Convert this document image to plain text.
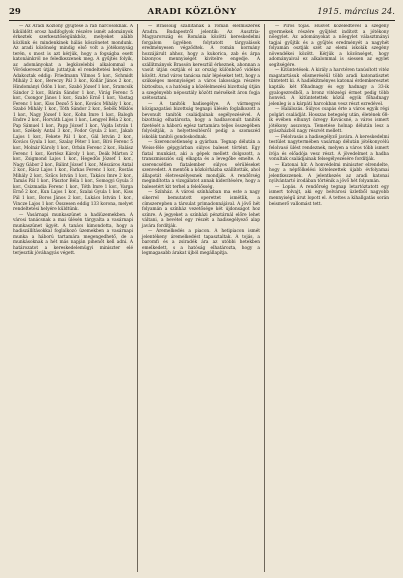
29	ARADI KÖZLÖNY	1915. március 24.

— Az Aradi Közlöny gyűjtése a rab harcosoknak. A kiküldött orosz hadifoglyok részére ismét adományok érkeztek szerkesztőségünkhöz, melyeket alább közlünk és mindenkinek hálás köszönetet mondunk. Az aradi közönség mindig első volt a jótékonyság terén, s most is azt kérjük, hogy a fogságba esett katonáinkról ne feledkezzenek meg. A gyűjtés folyik, az adományokat a legközelebbi alkalommal a Vöröskereszt útján juttatjuk el rendeltetési helyükre. Adakoztak eddig: Friedmann Vilmos 5 kor., Schmidt Mihály 2 kor., Bereczy Pál 3 kor., Kollár János 2 kor., Hindományi Ödön 1 kor., Szabó József 1 kor., Sramcsik Sándor 2 kor., Bárán Sándor 1 kor., Virág Ferenc 5 kor., Csongor János 1 kor., Szabó Ernő 1 kor., Vastag Ferenc 1 kor., Kiss Dezső 5 kor., Kovács Mihály 1 kor., Szabó Mihály 1 kor., Tóth Sándor 2 kor., Sebők Miklós 1 kor., Nagy József 1 kor., Kohn Imre 1 kor., Balogh Endre 2 kor., Horváth Lajos 1 kor., Lengyel Béla 2 kor., Pap Sámuel 1 kor., Papp József 1 kor., Vajda István 1 kor., Székely Antal 3 kor., Fodor Gyula 2 kor., Jakab Lajos 1 kor., Fekete Pál 1 kor., Gál István 2 kor., Kovács Gyula 1 kor., Szalay Péter 1 kor., Bíró Ferenc 5 kor., Molnár Károly 1 kor., Orbán Ferenc 2 kor., Halász Ferenc 1 kor., Kertész Károly 1 kor., Deák Márton 2 kor., Zsigmond Lajos 1 kor., Hegedűs József 1 kor., Nagy Gábor 2 kor., Bálint József 1 kor., Mészáros Antal 2 kor., Rácz Lajos 1 kor., Farkas Ferenc 1 kor., Rostás Mihály 2 kor., Szűcs István 1 kor., Takács Imre 2 kor., Tamás Pál 1 kor., Pásztor Béla 1 kor., Somogyi Gyula 3 kor., Csizmadia Ferenc 1 kor., Tóth Imre 1 kor., Varga Ernő 2 kor., Kun Lajos 1 kor., Szalai Gyula 1 kor., Kiss Pál 1 kor., Boros János 2 kor., Lukács István 1 kor., Vincze Lajos 1 kor. Összesen eddig 133 korona, melyet rendeltetési helyére küldtünk.

— Vasárnapi munkaszünet a hadiüzemekben. A városi tanácsnak a mai ülésén tárgyalta a vasárnapi munkaszünet ügyét. A tanács kimondotta, hogy a hadiszállításokkal foglalkozó üzemekben a vasárnapi munka a háború tartamára megengedhető, de a munkásoknak a hét más napján pihenőt kell adni. A határozatot a kereskedelemügyi miniszter elé terjesztik jóváhagyás végett.

— Brassóiig szállítanak a román élelmiszerek Aradra. Budapestről jelentik: Az Ausztria-Magyarország és Románia közötti kereskedelmi forgalom ügyében folytatott tárgyalások eredményesen végződtek. A román kormány hozzájárult ahhoz, hogy a kukorica, zab és árpa bizonyos mennyiségét kivitelre engedje. A szállítmányok Brassón keresztül érkeznek, ahonnan a vasút útján osztják el az ország különböző vidékei között. Arad város tanácsa már lépéseket tett, hogy a szükséges mennyiséget a város lakossága részére biztosítsa, s a hatóság a közélelmezési bizottság útján a szegényebb néposztály között mérsékelt áron fogja szétosztani.

— A tanítók hadisegélye. A vármegyei közigazgatási bizottság tegnapi ülésén foglalkozott a bevonult tanítók családjainak segélyezésével. A bizottság elhatározta, hogy a hadbavonult tanítók fizetését a háború egész tartamára teljes összegében folyósítják, a helyettesítésről pedig a szomszéd iskolák tanítói gondoskodnak.

— Szerencsétlenség a gyárban. Tegnap délután a Weiss-féle gépgyárban súlyos baleset történt. Egy fiatal munkást, aki a gépek mellett dolgozott, a transzmissziós szíj elkapta és a levegőbe emelte. A szerencsétlen fiatalember súlyos sérüléseket szenvedett. A mentők a közkórházba szállították, ahol állapotát életveszélyesnek mondják. A rendőrség megindította a vizsgálatot annak kiderítésére, hogy a balesetért kit terhel a felelősség.

— Színház. A városi színházban ma este a nagy sikerrel bemutatott operettet ismétlik, a címszerepben a társulat primadonnájával. A jövő hét folyamán a színház vezetősége két újdonságot hoz színre. A jegyeket a színházi pénztárnál előre lehet váltani, a bevétel egy részét a hadisegélyező alap javára fordítják.

— Áremelkedés a piacon. A hetipiacon ismét jelentékeny áremelkedést tapasztaltak. A tojás, a baromfi és a zsiradék ára az utóbbi hetekben emelkedett, s a hatóság elhatározta, hogy a legmagasabb árakat újból megállapítja.

— Piros tojás. Húsvét közeledtével a szegény gyermekek részére gyűjtést indított a jótékony nőegylet. Az adományokat a nőegylet választmányi tagjai gyűjtik és a gyűjtés eredményét a nagyhét folyamán osztják szét az elemi iskolák szegény növendékei között. Kérjük a közönséget, hogy adományaival ez alkalommal is siessen az egylet segítségére.

— Kitüntetések. A király a harctéren tanúsított vitéz magatartásuk elismeréséül több aradi katonatisztet tüntetett ki. A hadiékítményes katonai érdemkeresztet kapták: két főhadnagy és egy hadnagy a 33-ik gyalogezredből, a bronz vitézségi érmet pedig több honvéd. A kitüntetettek közül egyik főhadnagy jelenleg is a kárpáti harcokban vesz részt ezredével.

— Halálozás. Súlyos csapás érte a város egyik régi polgári családját. Hosszas betegség után, életének 68-ik évében elhunyt özvegy Kovácsné, a város ismert jótékony asszonya. Temetése holnap délután lesz a gyászházból nagy részvét mellett.

— Felolvasás a hadisegélyző javára. A kereskedelmi testület nagytermében vasárnap délután jótékonycélú felolvasó ülést rendeznek, melyen a város több ismert írója és előadója vesz részt. A jövedelmet a hadba vonultak családjainak felsegélyezésére fordítják.

— Katonai hír. A honvédelmi miniszter elrendelte, hogy a népfölkelési kötelezettek újabb évfolyamai jelentkezzenek. A jelentkezés az aradi katonai nyilvántartó irodában történik a jövő hét folyamán.

— Lopás. A rendőrség tegnap letartóztatott egy ismert tolvajt, aki egy belvárosi üzletből nagyobb mennyiségű árut lopott el. A tettes a kihallgatás során beismerő vallomást tett.
